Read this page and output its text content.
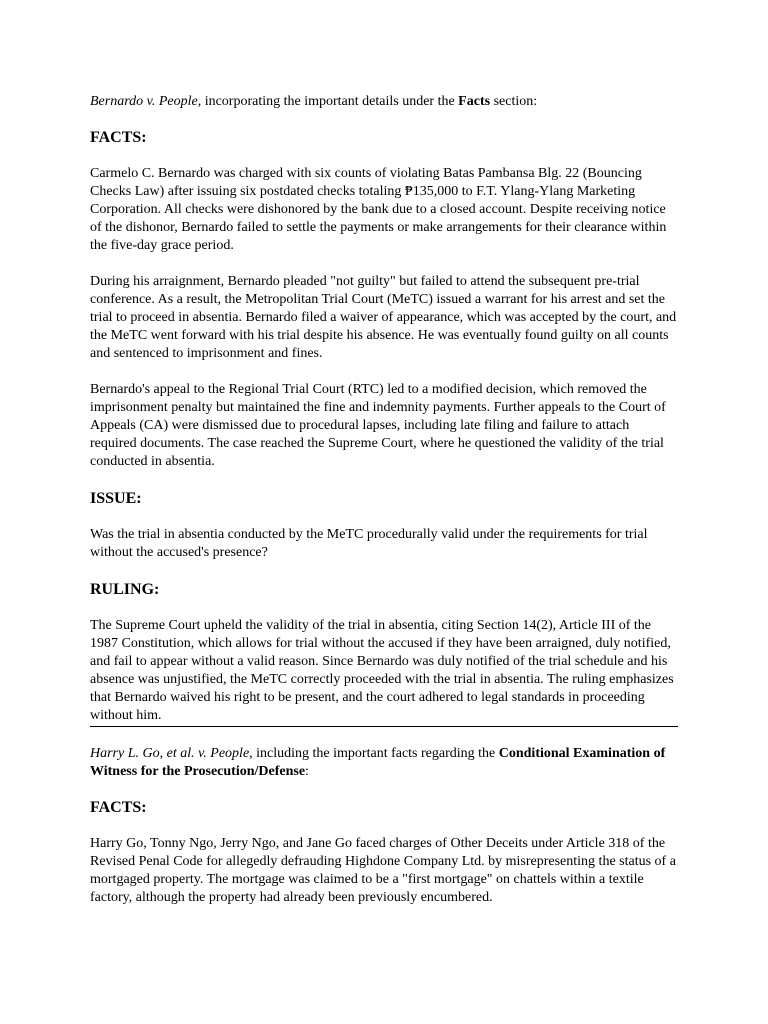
Bernardo v. People, incorporating the important details under the Facts section:

FACTS:

Carmelo C. Bernardo was charged with six counts of violating Batas Pambansa Blg. 22 (Bouncing Checks Law) after issuing six postdated checks totaling ₱135,000 to F.T. Ylang-Ylang Marketing Corporation. All checks were dishonored by the bank due to a closed account. Despite receiving notice of the dishonor, Bernardo failed to settle the payments or make arrangements for their clearance within the five-day grace period.

During his arraignment, Bernardo pleaded "not guilty" but failed to attend the subsequent pre-trial conference. As a result, the Metropolitan Trial Court (MeTC) issued a warrant for his arrest and set the trial to proceed in absentia. Bernardo filed a waiver of appearance, which was accepted by the court, and the MeTC went forward with his trial despite his absence. He was eventually found guilty on all counts and sentenced to imprisonment and fines.

Bernardo's appeal to the Regional Trial Court (RTC) led to a modified decision, which removed the imprisonment penalty but maintained the fine and indemnity payments. Further appeals to the Court of Appeals (CA) were dismissed due to procedural lapses, including late filing and failure to attach required documents. The case reached the Supreme Court, where he questioned the validity of the trial conducted in absentia.

ISSUE:

Was the trial in absentia conducted by the MeTC procedurally valid under the requirements for trial without the accused's presence?

RULING:

The Supreme Court upheld the validity of the trial in absentia, citing Section 14(2), Article III of the 1987 Constitution, which allows for trial without the accused if they have been arraigned, duly notified, and fail to appear without a valid reason. Since Bernardo was duly notified of the trial schedule and his absence was unjustified, the MeTC correctly proceeded with the trial in absentia. The ruling emphasizes that Bernardo waived his right to be present, and the court adhered to legal standards in proceeding without him.

Harry L. Go, et al. v. People, including the important facts regarding the Conditional Examination of Witness for the Prosecution/Defense:

FACTS:

Harry Go, Tonny Ngo, Jerry Ngo, and Jane Go faced charges of Other Deceits under Article 318 of the Revised Penal Code for allegedly defrauding Highdone Company Ltd. by misrepresenting the status of a mortgaged property. The mortgage was claimed to be a "first mortgage" on chattels within a textile factory, although the property had already been previously encumbered.
